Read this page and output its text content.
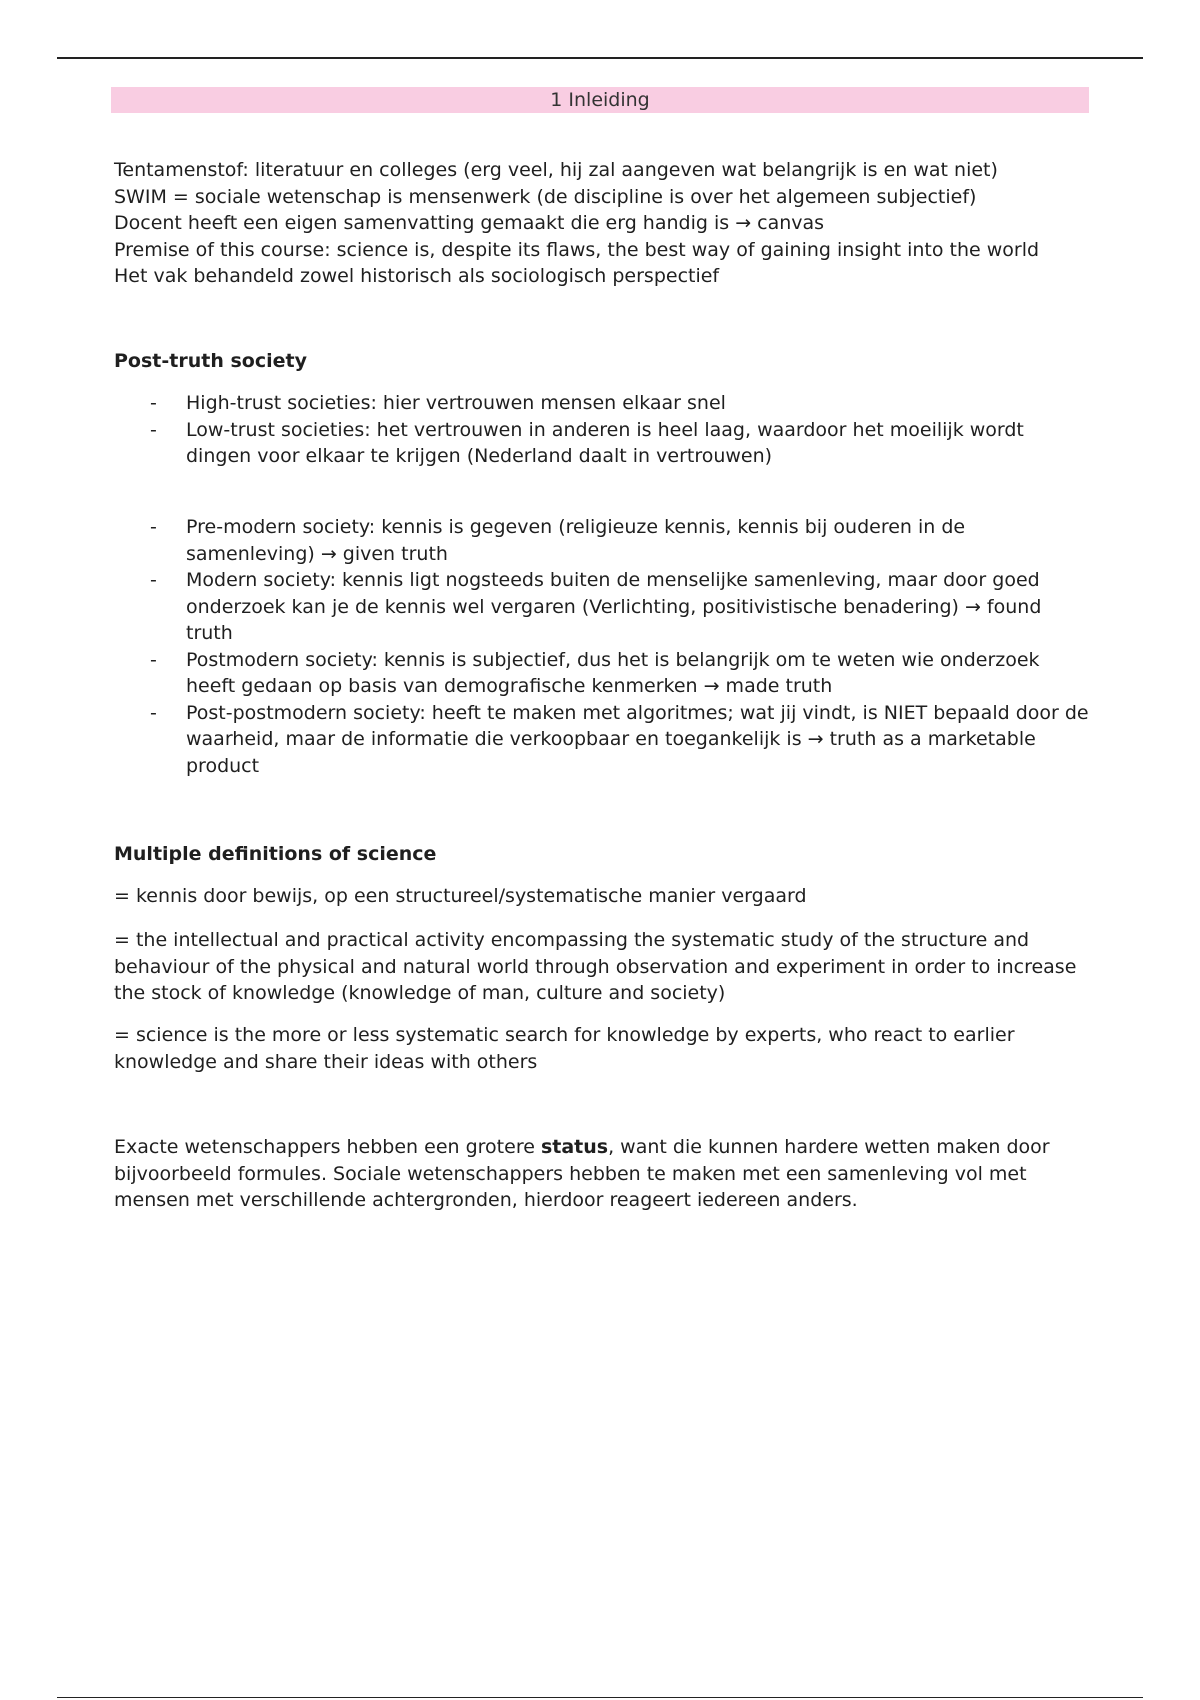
1 Inleiding
Tentamenstof: literatuur en colleges (erg veel, hij zal aangeven wat belangrijk is en wat niet)
SWIM = sociale wetenschap is mensenwerk (de discipline is over het algemeen subjectief)
Docent heeft een eigen samenvatting gemaakt die erg handig is → canvas
Premise of this course: science is, despite its flaws, the best way of gaining insight into the world
Het vak behandeld zowel historisch als sociologisch perspectief
Post-truth society
- High-trust societies: hier vertrouwen mensen elkaar snel
- Low-trust societies: het vertrouwen in anderen is heel laag, waardoor het moeilijk wordt dingen voor elkaar te krijgen (Nederland daalt in vertrouwen)
- Pre-modern society: kennis is gegeven (religieuze kennis, kennis bij ouderen in de samenleving) → given truth
- Modern society: kennis ligt nogsteeds buiten de menselijke samenleving, maar door goed onderzoek kan je de kennis wel vergaren (Verlichting, positivistische benadering) → found truth
- Postmodern society: kennis is subjectief, dus het is belangrijk om te weten wie onderzoek heeft gedaan op basis van demografische kenmerken → made truth
- Post-postmodern society: heeft te maken met algoritmes; wat jij vindt, is NIET bepaald door de waarheid, maar de informatie die verkoopbaar en toegankelijk is → truth as a marketable product
Multiple definitions of science

= kennis door bewijs, op een structureel/systematische manier vergaard

= the intellectual and practical activity encompassing the systematic study of the structure and behaviour of the physical and natural world through observation and experiment in order to increase the stock of knowledge (knowledge of man, culture and society)

= science is the more or less systematic search for knowledge by experts, who react to earlier knowledge and share their ideas with others

Exacte wetenschappers hebben een grotere status, want die kunnen hardere wetten maken door bijvoorbeeld formules. Sociale wetenschappers hebben te maken met een samenleving vol met mensen met verschillende achtergronden, hierdoor reageert iedereen anders.
